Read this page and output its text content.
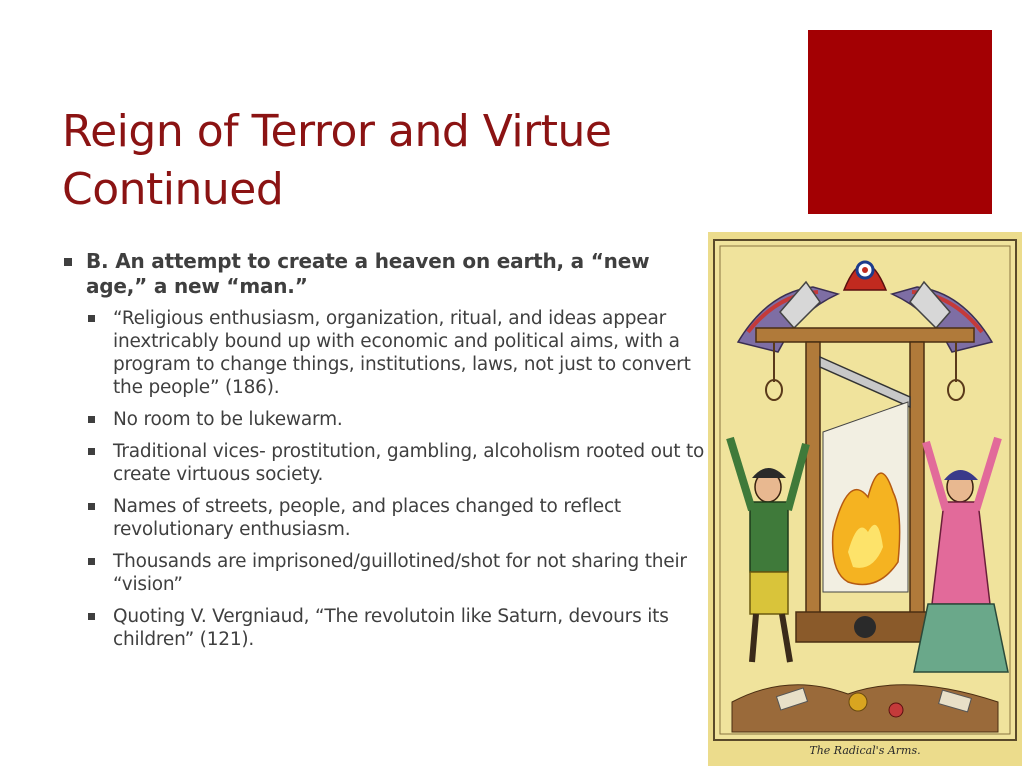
Reign of Terror and Virtue
Continued
B. An attempt to create a heaven on earth, a “new age,” a new “man.”
“Religious enthusiasm, organization, ritual, and ideas appear inextricably bound up with economic and political aims, with a program to change things, institutions, laws, not just to convert the people” (186).
No room to be lukewarm.
Traditional vices- prostitution, gambling, alcoholism rooted out to create virtuous society.
Names of streets, people, and places changed to reflect revolutionary enthusiasm.
Thousands are imprisoned/guillotined/shot for not sharing their “vision”
Quoting V. Vergniaud, “The revolutoin like Saturn, devours its children” (121).
The Radical's Arms.
